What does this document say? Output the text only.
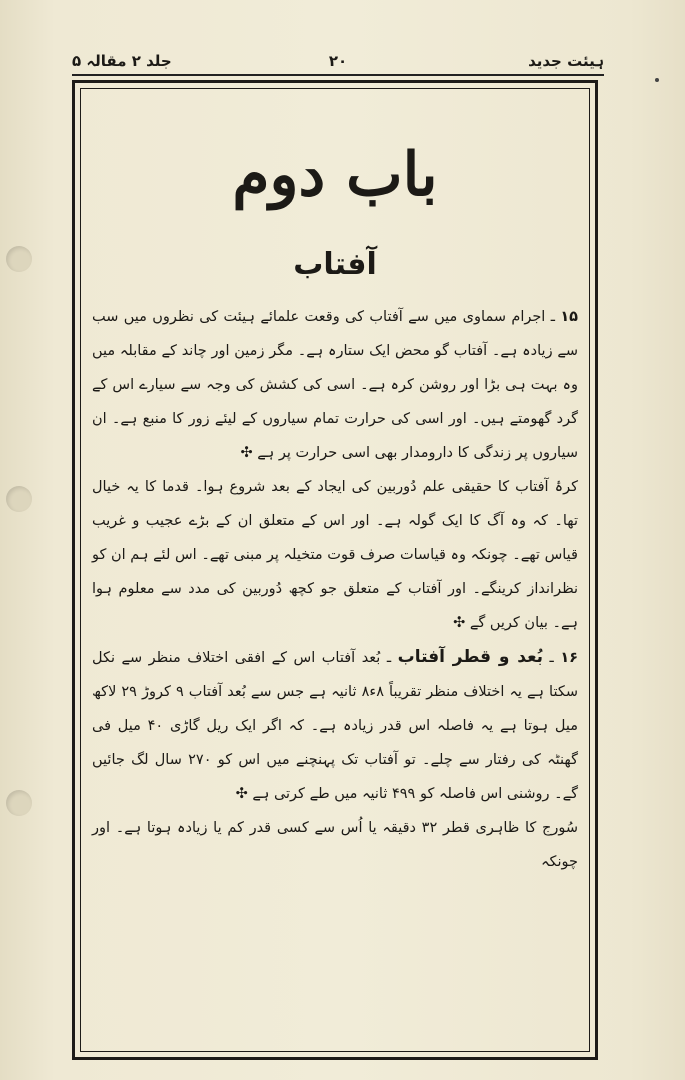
ہیئت جدید
۲۰
جلد ۲ مقالہ ۵
باب دوم
آفتاب

۱۵ ـ اجرام سماوی میں سے آفتاب کی وقعت علمائے ہیئت کی نظروں میں سب سے زیادہ ہے۔ آفتاب گو محض ایک ستارہ ہے۔ مگر زمین اور چاند کے مقابلہ میں وہ بہت ہی بڑا اور روشن کرہ ہے۔ اسی کی کشش کی وجہ سے سیارے اس کے گرد گھومتے ہیں۔ اور اسی کی حرارت تمام سیاروں کے لیئے زور کا منبع ہے۔ ان سیاروں پر زندگی کا دارومدار بھی اسی حرارت پر ہے ✣

کرۂ آفتاب کا حقیقی علم دُوربین کی ایجاد کے بعد شروع ہوا۔ قدما کا یہ خیال تھا۔ کہ وہ آگ کا ایک گولہ ہے۔ اور اس کے متعلق ان کے بڑے عجیب و غریب قیاس تھے۔ چونکہ وہ قیاسات صرف قوت متخیلہ پر مبنی تھے۔ اس لئے ہم ان کو نظرانداز کرینگے۔ اور آفتاب کے متعلق جو کچھ دُوربین کی مدد سے معلوم ہوا ہے۔ بیان کریں گے ✣

۱۶ ـ بُعد و قطر آفتاب ـ بُعد آفتاب اس کے افقی اختلاف منظر سے نکل سکتا ہے یہ اختلاف منظر تقریباً ۸ء۸ ثانیہ ہے جس سے بُعد آفتاب ۹ کروڑ ۲۹ لاکھ میل ہوتا ہے یہ فاصلہ اس قدر زیادہ ہے۔ کہ اگر ایک ریل گاڑی ۴۰ میل فی گھنٹہ کی رفتار سے چلے۔ تو آفتاب تک پہنچنے میں اس کو ۲۷۰ سال لگ جائیں گے۔ روشنی اس فاصلہ کو ۴۹۹ ثانیہ میں طے کرتی ہے ✣

سُورج کا ظاہری قطر ۳۲ دقیقہ یا اُس سے کسی قدر کم یا زیادہ ہوتا ہے۔ اور چونکہ
